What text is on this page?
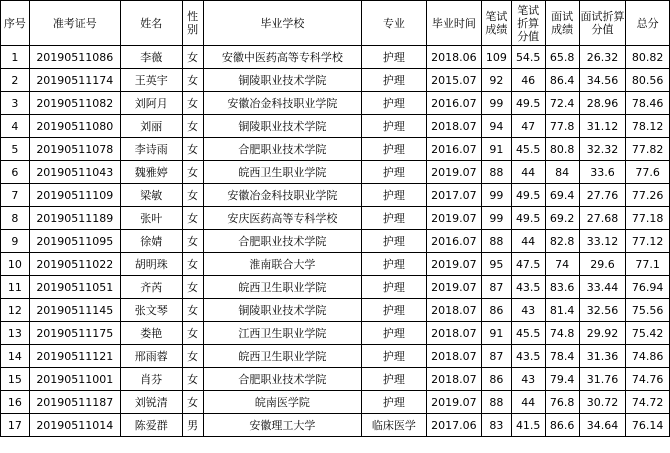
序号	准考证号	姓名	性别	毕业学校	专业	毕业时间	笔试成绩	笔试折算分值	面试成绩	面试折算分值	总分
1	20190511086	李薇	女	安徽中医药高等专科学校	护理	2018.06	109	54.5	65.8	26.32	80.82
2	20190511174	王英宇	女	铜陵职业技术学院	护理	2015.07	92	46	86.4	34.56	80.56
3	20190511082	刘阿月	女	安徽冶金科技职业学院	护理	2016.07	99	49.5	72.4	28.96	78.46
4	20190511080	刘丽	女	铜陵职业技术学院	护理	2018.07	94	47	77.8	31.12	78.12
5	20190511078	李诗雨	女	合肥职业技术学院	护理	2016.07	91	45.5	80.8	32.32	77.82
6	20190511043	魏雅婷	女	皖西卫生职业学院	护理	2019.07	88	44	84	33.6	77.6
7	20190511109	梁敏	女	安徽冶金科技职业学院	护理	2017.07	99	49.5	69.4	27.76	77.26
8	20190511189	张叶	女	安庆医药高等专科学校	护理	2019.07	99	49.5	69.2	27.68	77.18
9	20190511095	徐婧	女	合肥职业技术学院	护理	2016.07	88	44	82.8	33.12	77.12
10	20190511022	胡明珠	女	淮南联合大学	护理	2019.07	95	47.5	74	29.6	77.1
11	20190511051	齐芮	女	皖西卫生职业学院	护理	2019.07	87	43.5	83.6	33.44	76.94
12	20190511145	张文琴	女	铜陵职业技术学院	护理	2018.07	86	43	81.4	32.56	75.56
13	20190511175	娄艳	女	江西卫生职业学院	护理	2018.07	91	45.5	74.8	29.92	75.42
14	20190511121	邢雨蓉	女	皖西卫生职业学院	护理	2018.07	87	43.5	78.4	31.36	74.86
15	20190511001	肖芬	女	合肥职业技术学院	护理	2018.07	86	43	79.4	31.76	74.76
16	20190511187	刘锐清	女	皖南医学院	护理	2019.07	88	44	76.8	30.72	74.72
17	20190511014	陈爱群	男	安徽理工大学	临床医学	2017.06	83	41.5	86.6	34.64	76.14
